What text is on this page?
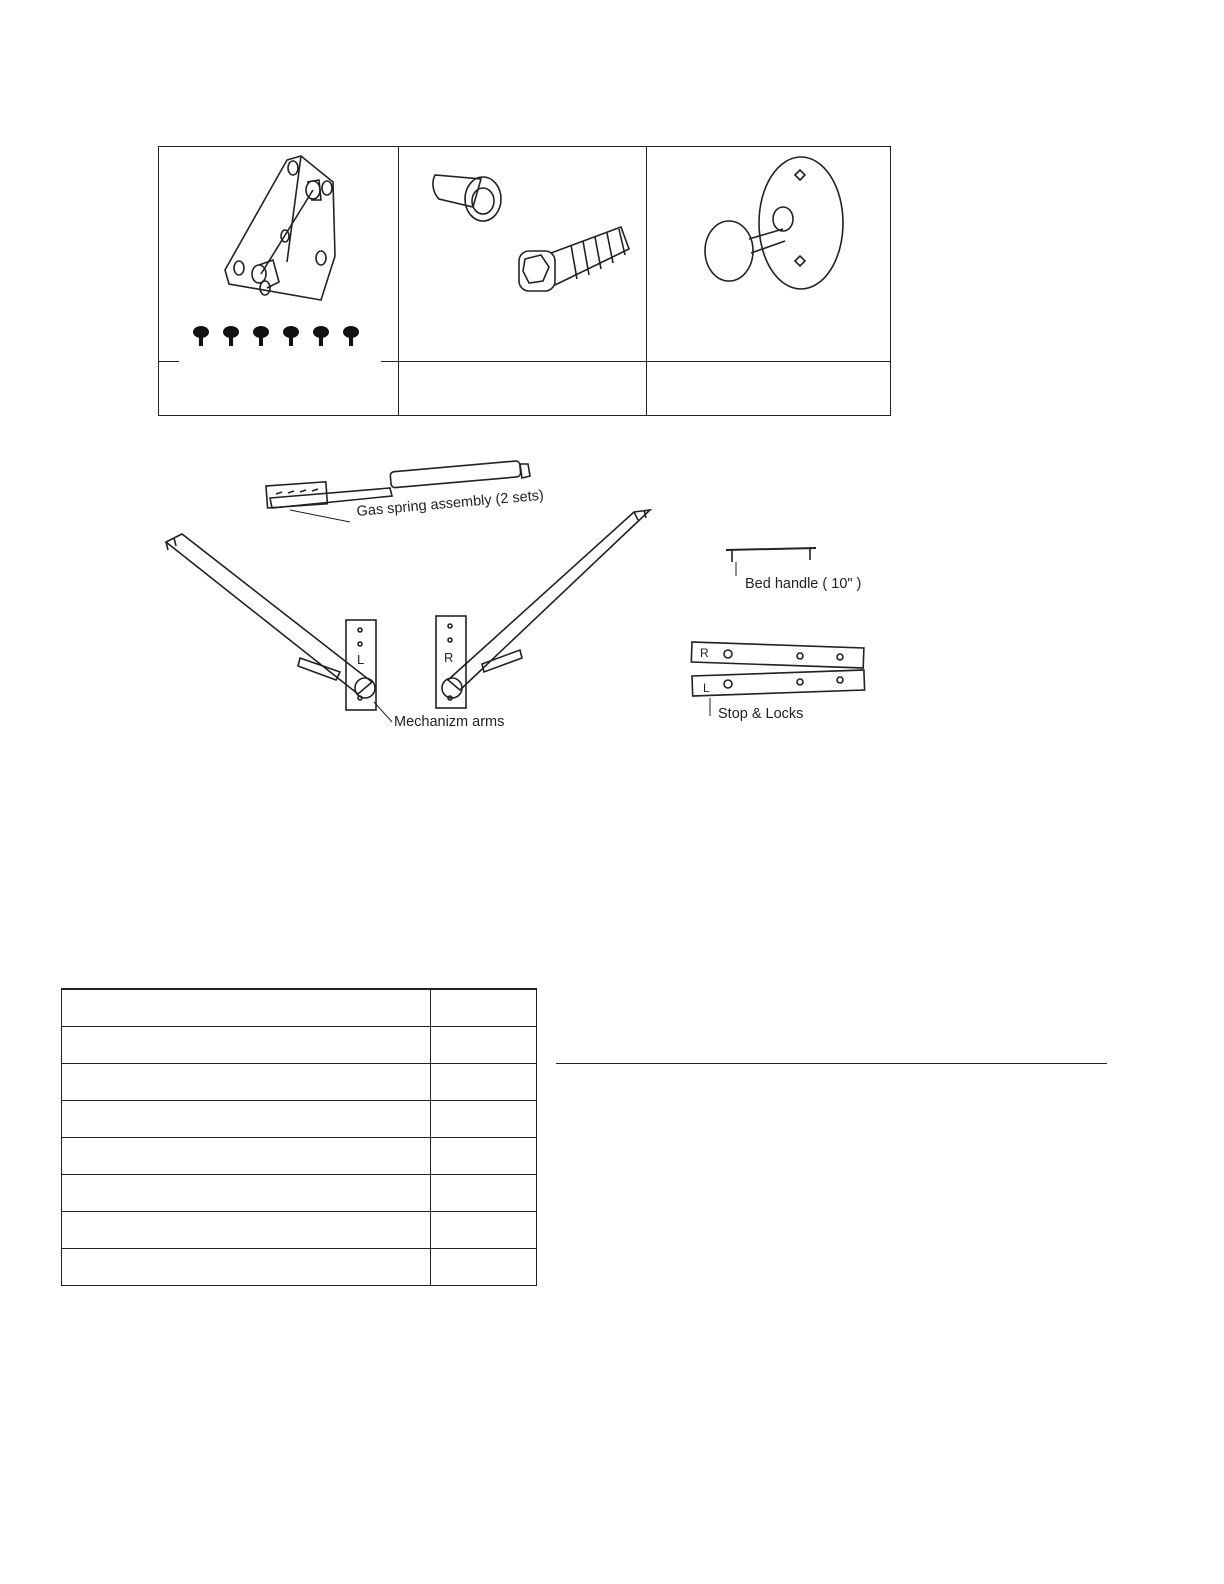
Gas spring assembly (2 sets)
Mechanizm arms
Bed handle ( 10" )
Stop & Locks
L	R	R
L
